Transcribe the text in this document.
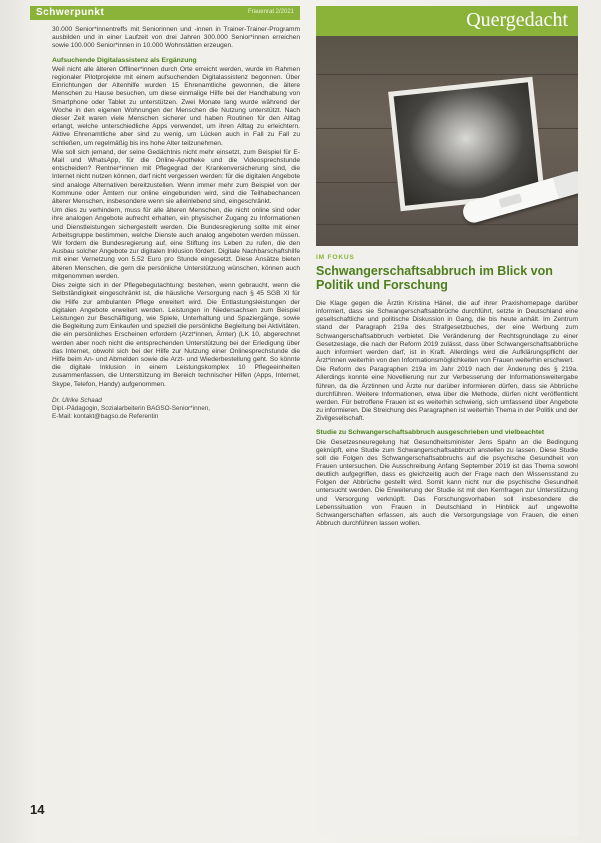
Schwerpunkt	Frauenrat 2/2021

30.000 Senior*innentreffs mit Seniorinnen und -innen in Trainer-Trainer-Programm ausbilden und in einer Laufzeit von drei Jahren 300.000 Senior*innen erreichen sowie 100.000 Senior*innen in 10.000 Wohnstätten erzeugen.

Aufsuchende Digitalassistenz als Ergänzung

Weil nicht alle älteren Offliner*innen durch Orte erreicht werden, wurde im Rahmen regionaler Pilotprojekte mit einem aufsuchenden Digitalassistenz begonnen. Über Einrichtungen der Altenhilfe wurden 15 Ehrenamtliche gewonnen, die ältere Menschen zu Hause besuchen, um diese einmalige Hilfe bei der Handhabung von Smartphone oder Tablet zu unterstützen. Zwei Monate lang wurde während der Woche in den eigenen Wohnungen der Menschen die Nutzung unterstützt. Nach dieser Zeit waren viele Menschen sicherer und haben Routinen für den Alltag erlangt, welche unterschiedliche Apps verwendet, um ihren Alltag zu erleichtern. Aktive Ehrenamtliche aber sind zu wenig, um Lücken auch in Fall zu Fall zu schließen, um regelmäßig bis ins hohe Alter teilzunehmen.

Wie soll sich jemand, der seine Gedächtnis nicht mehr einsetzt, zum Beispiel für E-Mail und WhatsApp, für die Online-Apotheke und die Videosprechstunde entscheiden? Rentner*innen mit Pflegegrad der Krankenversicherung sind, die Internet nicht nutzen können, darf nicht vergessen werden: für die digitalen Angebote sind analoge Alternativen bereitzustellen. Wenn immer mehr zum Beispiel von der Kommune oder Ämtern nur online eingebunden wird, sind die Teilhabechancen älterer Menschen, insbesondere wenn sie alleinlebend sind, eingeschränkt.

Um dies zu verhindern, muss für alle älteren Menschen, die nicht online sind oder ihre analogen Angebote aufrecht erhalten, ein physischer Zugang zu Informationen und Dienstleistungen sichergestellt werden. Die Bundesregierung sollte mit einer Arbeitsgruppe bestimmen, welche Dienste auch analog angeboten werden müssen. Wir fordern die Bundesregierung auf, eine Stiftung ins Leben zu rufen, die den Ausbau solcher Angebote zur digitalen Inklusion fördert. Digitale Nachbarschaftshilfe mit einer Vernetzung von 5.52 Euro pro Stunde eingesetzt. Diese Ansätze bieten älteren Menschen, die gern die persönliche Unterstützung wünschen, können auch mitgenommen werden.

Dies zeigte sich in der Pflegebegutachtung: bestehen, wenn gebraucht, wenn die Selbständigkeit eingeschränkt ist, die häusliche Versorgung nach § 45 SGB XI für die Hilfe zur ambulanten Pflege erweitert wird. Die Entlastungsleistungen der digitalen Angebote erweitert werden. Leistungen in Niedersachsen zum Beispiel Leistungen zur Beschäftigung, wie Spiele, Unterhaltung und Spaziergänge, sowie die Begleitung zum Einkaufen und speziell die persönliche Begleitung bei Aktivitäten, die ein persönliches Erscheinen erfordern (Arzt*innen, Ämter) (LK 10, abgerechnet werden aber noch nicht die entsprechenden Unterstützung bei der Erledigung über das Internet, obwohl sich bei der Hilfe zur Nutzung einer Onlinesprechstunde die Hilfe beim An- und Abmelden sowie die Arzt- und Wiederbestellung geht. So könnte die digitale Inklusion in einem Leistungskomplex 10 Pflegeeinheiten zusammenfassen, die Unterstützung im Bereich technischer Hilfen (Apps, Internet, Skype, Telefon, Handy) aufgenommen.

Dr. Ulrike Schaad
Dipl.-Pädagogin, Sozialarbeiterin BAGSO-Senior*innen,
E-Mail: kontakt@bagso.de Referentin
14
Quergedacht
IM FOKUS
Schwangerschaftsabbruch im Blick von Politik und Forschung

Die Klage gegen die Ärztin Kristina Hänel, die auf ihrer Praxishomepage darüber informiert, dass sie Schwangerschaftsabbrüche durchführt, setzte in Deutschland eine gesellschaftliche und politische Diskussion in Gang, die bis heute anhält. Im Zentrum stand der Paragraph 219a des Strafgesetzbuches, der eine Werbung zum Schwangerschaftsabbruch verbietet. Die Veränderung der Rechtsgrundlage zu einer Gesetzeslage, die nach der Reform 2019 zulässt, dass über Schwangerschaftsabbrüche auch informiert werden darf, ist in Kraft. Allerdings wird die Aufklärungspflicht der Ärzt*innen weiterhin von den Informationsmöglichkeiten von Frauen weiterhin erschwert.

Die Reform des Paragraphen 219a im Jahr 2019 nach der Änderung des § 219a. Allerdings konnte eine Novellierung nur zur Verbesserung der Informationsweitergabe führen, da die Ärztinnen und Ärzte nur darüber informieren dürfen, dass sie Abbrüche durchführen. Weitere Informationen, etwa über die Methode, dürfen nicht veröffentlicht werden. Für betroffene Frauen ist es weiterhin schwierig, sich umfassend über Angebote zu informieren. Die Streichung des Paragraphen ist weiterhin Thema in der Politik und der Zivilgesellschaft.

Studie zu Schwangerschaftsabbruch ausgeschrieben und vielbeachtet

Die Gesetzesneuregelung hat Gesundheitsminister Jens Spahn an die Bedingung geknüpft, eine Studie zum Schwangerschaftsabbruch anstellen zu lassen. Diese Studie soll die Folgen des Schwangerschaftsabbruchs auf die psychische Gesundheit von Frauen untersuchen. Die Ausschreibung Anfang September 2019 ist das Thema sowohl deutlich aufgegriffen, dass es gleichzeitig auch der Frage nach den Wissensstand zu Folgen der Abbrüche gestellt wird. Somit kann nicht nur die psychische Gesundheit untersucht werden. Die Erweiterung der Studie ist mit den Kernfragen zur Unterstützung und Versorgung verknüpft. Das Forschungsvorhaben soll insbesondere die Lebenssituation von Frauen in Deutschland in Hinblick auf ungewollte Schwangerschaften erfassen, als auch die Versorgungslage von Frauen, die einen Abbruch durchführen lassen wollen.
